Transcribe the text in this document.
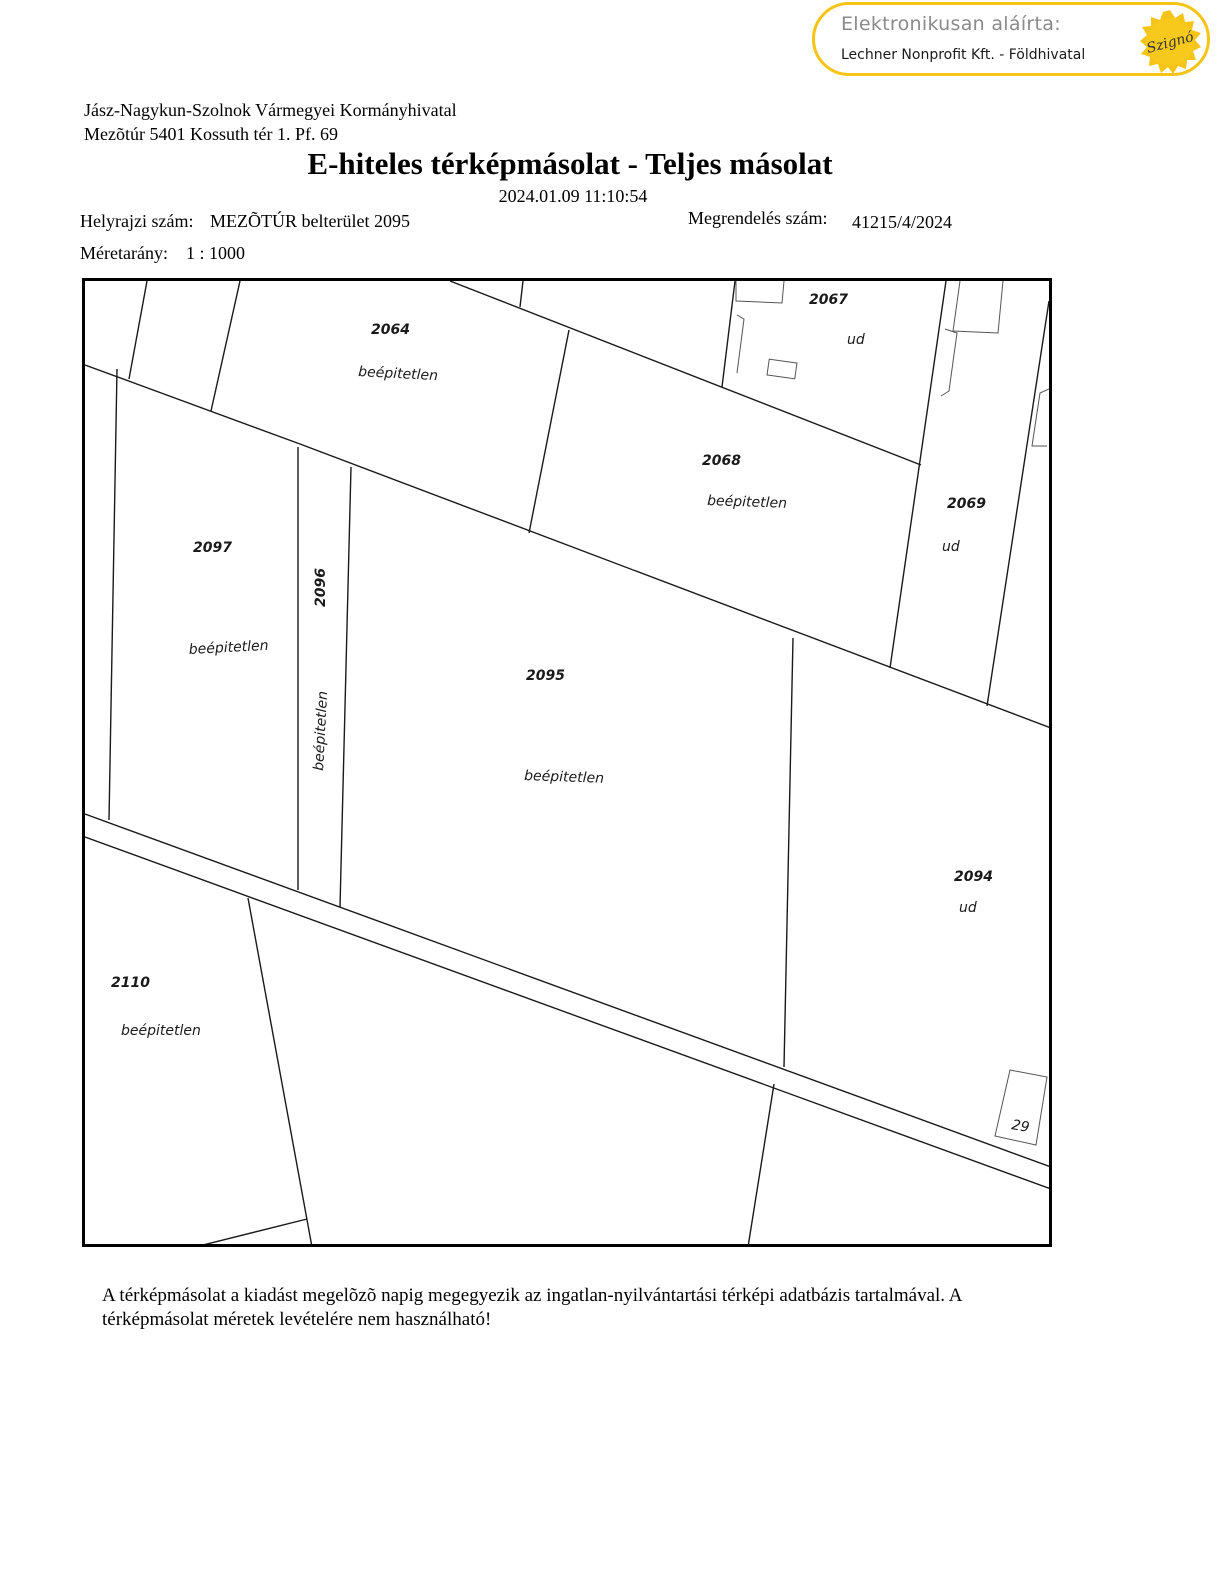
Elektronikusan aláírta:
Lechner Nonprofit Kft. - Földhivatal	Szignó
Jász-Nagykun-Szolnok Vármegyei Kormányhivatal
Mezõtúr 5401 Kossuth tér 1. Pf. 69
E-hiteles térképmásolat - Teljes másolat
2024.01.09 11:10:54
Helyrajzi szám: MEZÕTÚR belterület 2095	Megrendelés szám: 41215/4/2024
Méretarány: 1 : 1000
2064
beépitetlen
2067
ud
2068
beépitetlen	2069
ud
2097
beépitetlen
2096
beépitetlen
2095
beépitetlen
2094
ud
2110
beépitetlen
29
A térképmásolat a kiadást megelõzõ napig megegyezik az ingatlan-nyilvántartási térképi adatbázis tartalmával. A
térképmásolat méretek levételére nem használható!
